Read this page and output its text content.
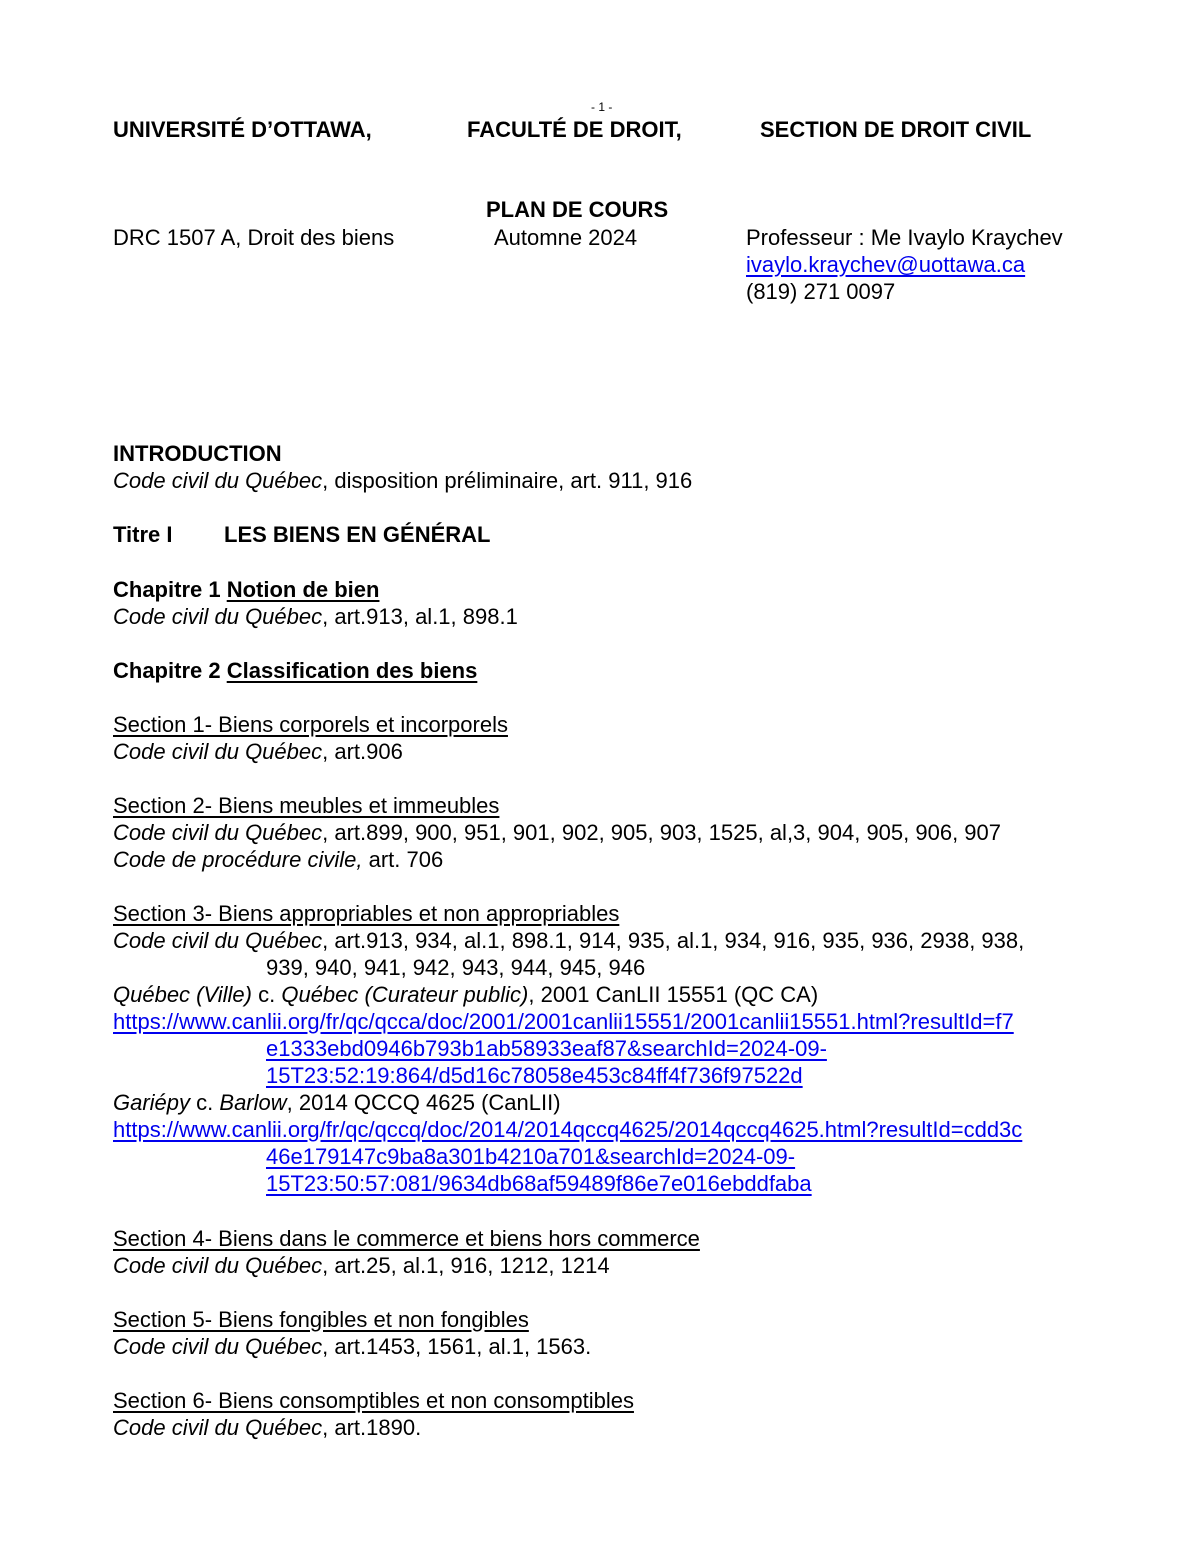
- 1 -
UNIVERSITÉ D’OTTAWA,	FACULTÉ DE DROIT,	SECTION DE DROIT CIVIL
PLAN DE COURS
DRC 1507 A, Droit des biens	Automne 2024	Professeur : Me Ivaylo Kraychev
ivaylo.kraychev@uottawa.ca
(819) 271 0097
INTRODUCTION
Code civil du Québec, disposition préliminaire, art. 911, 916
Titre I LES BIENS EN GÉNÉRAL
Chapitre 1 Notion de bien
Code civil du Québec, art.913, al.1, 898.1
Chapitre 2 Classification des biens
Section 1- Biens corporels et incorporels
Code civil du Québec, art.906
Section 2- Biens meubles et immeubles
Code civil du Québec, art.899, 900, 951, 901, 902, 905, 903, 1525, al,3, 904, 905, 906, 907
Code de procédure civile, art. 706
Section 3- Biens appropriables et non appropriables
Code civil du Québec, art.913, 934, al.1, 898.1, 914, 935, al.1, 934, 916, 935, 936, 2938, 938,
939, 940, 941, 942, 943, 944, 945, 946
Québec (Ville) c. Québec (Curateur public), 2001 CanLII 15551 (QC CA)
https://www.canlii.org/fr/qc/qcca/doc/2001/2001canlii15551/2001canlii15551.html?resultId=f7
e1333ebd0946b793b1ab58933eaf87&searchId=2024-09-
15T23:52:19:864/d5d16c78058e453c84ff4f736f97522d
Gariépy c. Barlow, 2014 QCCQ 4625 (CanLII)
https://www.canlii.org/fr/qc/qccq/doc/2014/2014qccq4625/2014qccq4625.html?resultId=cdd3c
46e179147c9ba8a301b4210a701&searchId=2024-09-
15T23:50:57:081/9634db68af59489f86e7e016ebddfaba
Section 4- Biens dans le commerce et biens hors commerce
Code civil du Québec, art.25, al.1, 916, 1212, 1214
Section 5- Biens fongibles et non fongibles
Code civil du Québec, art.1453, 1561, al.1, 1563.
Section 6- Biens consomptibles et non consomptibles
Code civil du Québec, art.1890.
